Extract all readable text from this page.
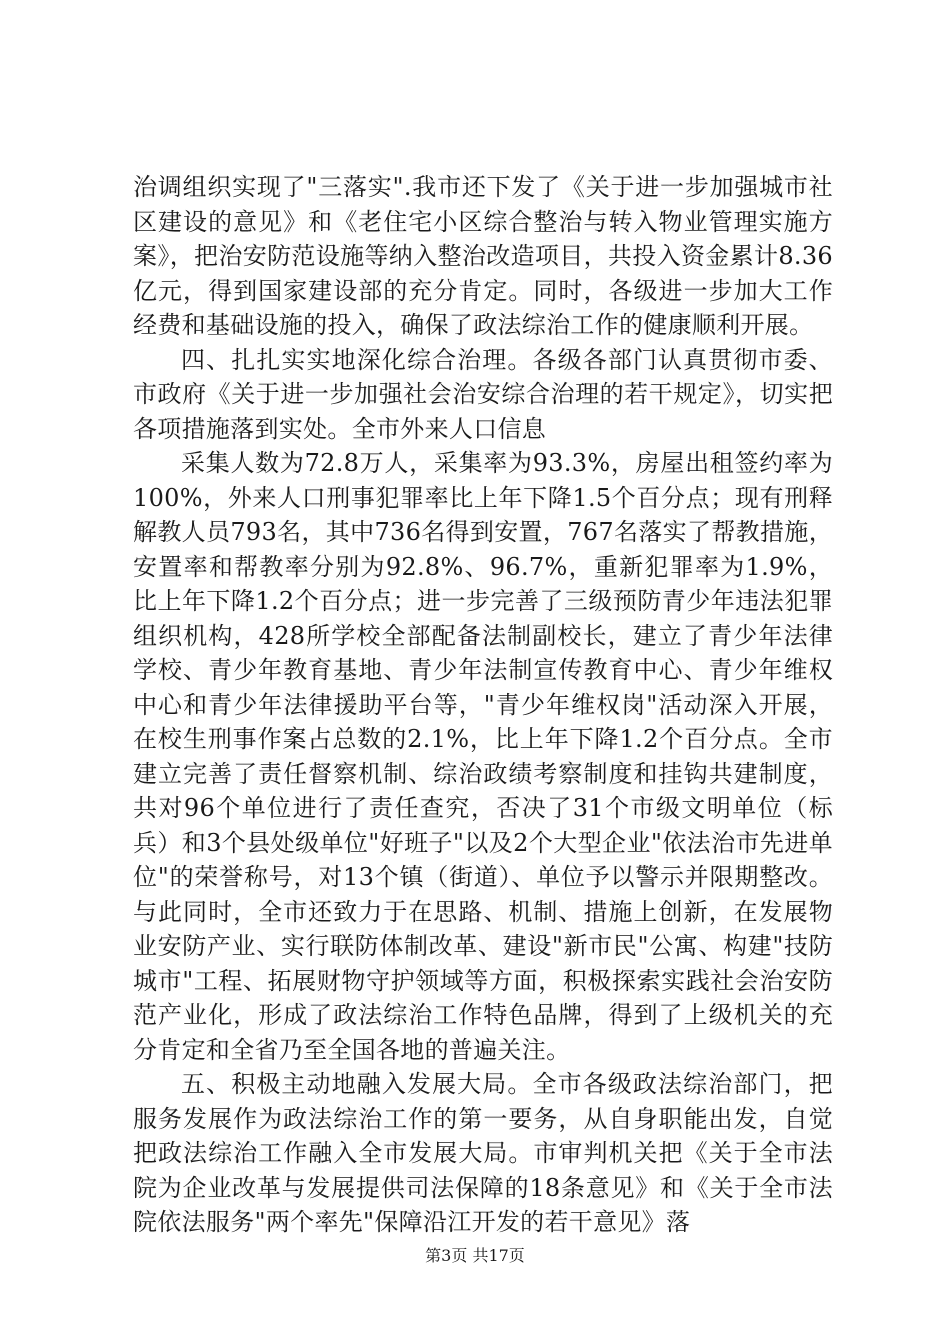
治调组织实现了"三落实".我市还下发了《关于进一步加强城市社区建设的意见》和《老住宅小区综合整治与转入物业管理实施方案》，把治安防范设施等纳入整治改造项目，共投入资金累计8.36亿元，得到国家建设部的充分肯定。同时，各级进一步加大工作经费和基础设施的投入，确保了政法综治工作的健康顺利开展。

四、扎扎实实地深化综合治理。各级各部门认真贯彻市委、市政府《关于进一步加强社会治安综合治理的若干规定》，切实把各项措施落到实处。全市外来人口信息

采集人数为72.8万人，采集率为93.3%，房屋出租签约率为100%，外来人口刑事犯罪率比上年下降1.5个百分点；现有刑释解教人员793名，其中736名得到安置，767名落实了帮教措施，安置率和帮教率分别为92.8%、96.7%，重新犯罪率为1.9%，比上年下降1.2个百分点；进一步完善了三级预防青少年违法犯罪组织机构，428所学校全部配备法制副校长，建立了青少年法律学校、青少年教育基地、青少年法制宣传教育中心、青少年维权中心和青少年法律援助平台等，"青少年维权岗"活动深入开展，在校生刑事作案占总数的2.1%，比上年下降1.2个百分点。全市建立完善了责任督察机制、综治政绩考察制度和挂钩共建制度，共对96个单位进行了责任查究，否决了31个市级文明单位（标兵）和3个县处级单位"好班子"以及2个大型企业"依法治市先进单位"的荣誉称号，对13个镇（街道）、单位予以警示并限期整改。与此同时，全市还致力于在思路、机制、措施上创新，在发展物业安防产业、实行联防体制改革、建设"新市民"公寓、构建"技防城市"工程、拓展财物守护领域等方面，积极探索实践社会治安防范产业化，形成了政法综治工作特色品牌，得到了上级机关的充分肯定和全省乃至全国各地的普遍关注。

五、积极主动地融入发展大局。全市各级政法综治部门，把服务发展作为政法综治工作的第一要务，从自身职能出发，自觉把政法综治工作融入全市发展大局。市审判机关把《关于全市法院为企业改革与发展提供司法保障的18条意见》和《关于全市法院依法服务"两个率先"保障沿江开发的若干意见》落

第3页 共17页
